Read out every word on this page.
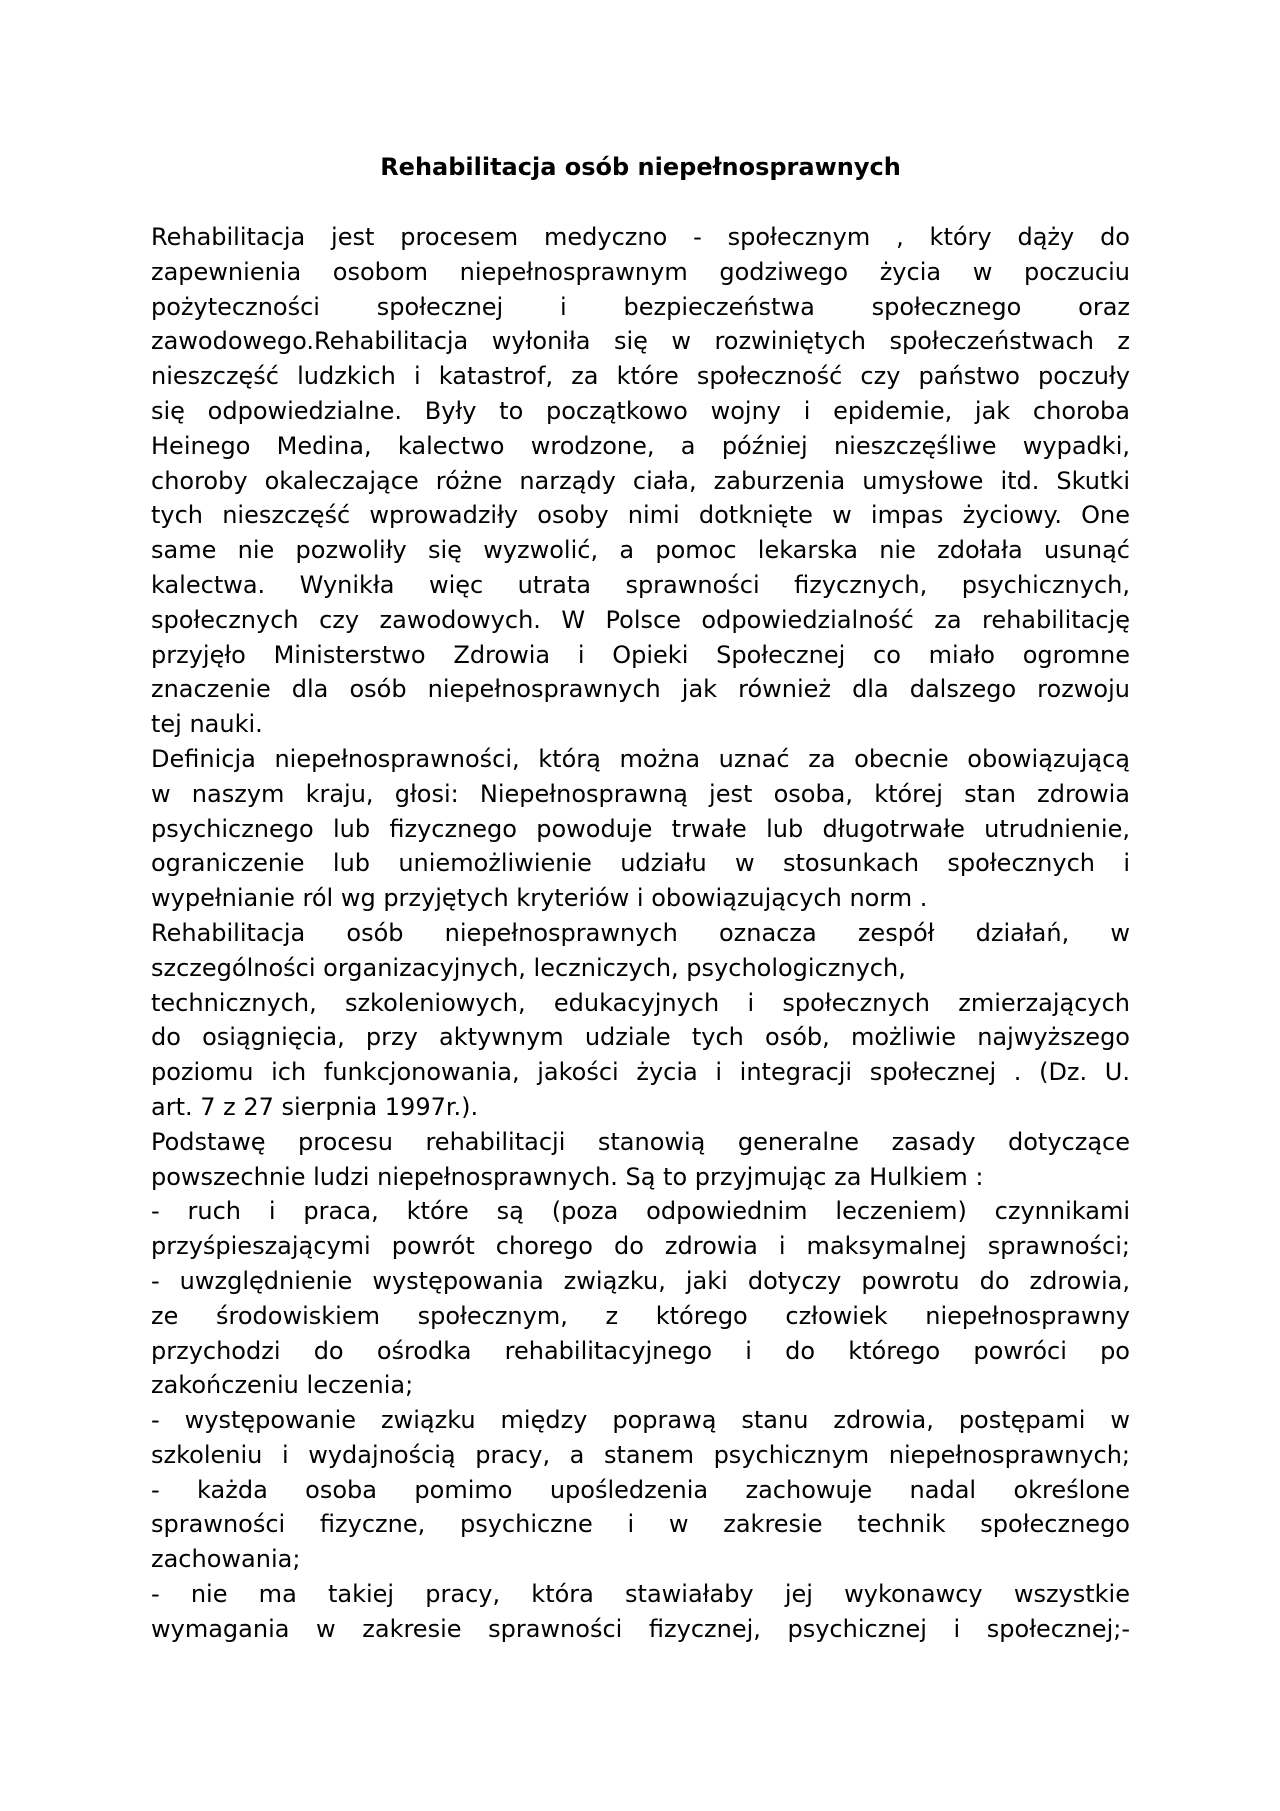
Rehabilitacja osób niepełnosprawnych
Rehabilitacja jest procesem medyczno - społecznym , który dąży do
zapewnienia osobom niepełnosprawnym godziwego życia w poczuciu
pożyteczności społecznej i bezpieczeństwa społecznego oraz
zawodowego.Rehabilitacja wyłoniła się w rozwiniętych społeczeństwach z
nieszczęść ludzkich i katastrof, za które społeczność czy państwo poczuły
się odpowiedzialne. Były to początkowo wojny i epidemie, jak choroba
Heinego Medina, kalectwo wrodzone, a później nieszczęśliwe wypadki,
choroby okaleczające różne narządy ciała, zaburzenia umysłowe itd. Skutki
tych nieszczęść wprowadziły osoby nimi dotknięte w impas życiowy. One
same nie pozwoliły się wyzwolić, a pomoc lekarska nie zdołała usunąć
kalectwa. Wynikła więc utrata sprawności fizycznych, psychicznych,
społecznych czy zawodowych. W Polsce odpowiedzialność za rehabilitację
przyjęło Ministerstwo Zdrowia i Opieki Społecznej co miało ogromne
znaczenie dla osób niepełnosprawnych jak również dla dalszego rozwoju
tej nauki.
Definicja niepełnosprawności, którą można uznać za obecnie obowiązującą
w naszym kraju, głosi: Niepełnosprawną jest osoba, której stan zdrowia
psychicznego lub fizycznego powoduje trwałe lub długotrwałe utrudnienie,
ograniczenie lub uniemożliwienie udziału w stosunkach społecznych i
wypełnianie ról wg przyjętych kryteriów i obowiązujących norm .
Rehabilitacja osób niepełnosprawnych oznacza zespół działań, w
szczególności organizacyjnych, leczniczych, psychologicznych,
technicznych, szkoleniowych, edukacyjnych i społecznych zmierzających
do osiągnięcia, przy aktywnym udziale tych osób, możliwie najwyższego
poziomu ich funkcjonowania, jakości życia i integracji społecznej . (Dz. U.
art. 7 z 27 sierpnia 1997r.).
Podstawę procesu rehabilitacji stanowią generalne zasady dotyczące
powszechnie ludzi niepełnosprawnych. Są to przyjmując za Hulkiem :
- ruch i praca, które są (poza odpowiednim leczeniem) czynnikami
przyśpieszającymi powrót chorego do zdrowia i maksymalnej sprawności;
- uwzględnienie występowania związku, jaki dotyczy powrotu do zdrowia,
ze środowiskiem społecznym, z którego człowiek niepełnosprawny
przychodzi do ośrodka rehabilitacyjnego i do którego powróci po
zakończeniu leczenia;
- występowanie związku między poprawą stanu zdrowia, postępami w
szkoleniu i wydajnością pracy, a stanem psychicznym niepełnosprawnych;
- każda osoba pomimo upośledzenia zachowuje nadal określone
sprawności fizyczne, psychiczne i w zakresie technik społecznego
zachowania;
- nie ma takiej pracy, która stawiałaby jej wykonawcy wszystkie
wymagania w zakresie sprawności fizycznej, psychicznej i społecznej;-
